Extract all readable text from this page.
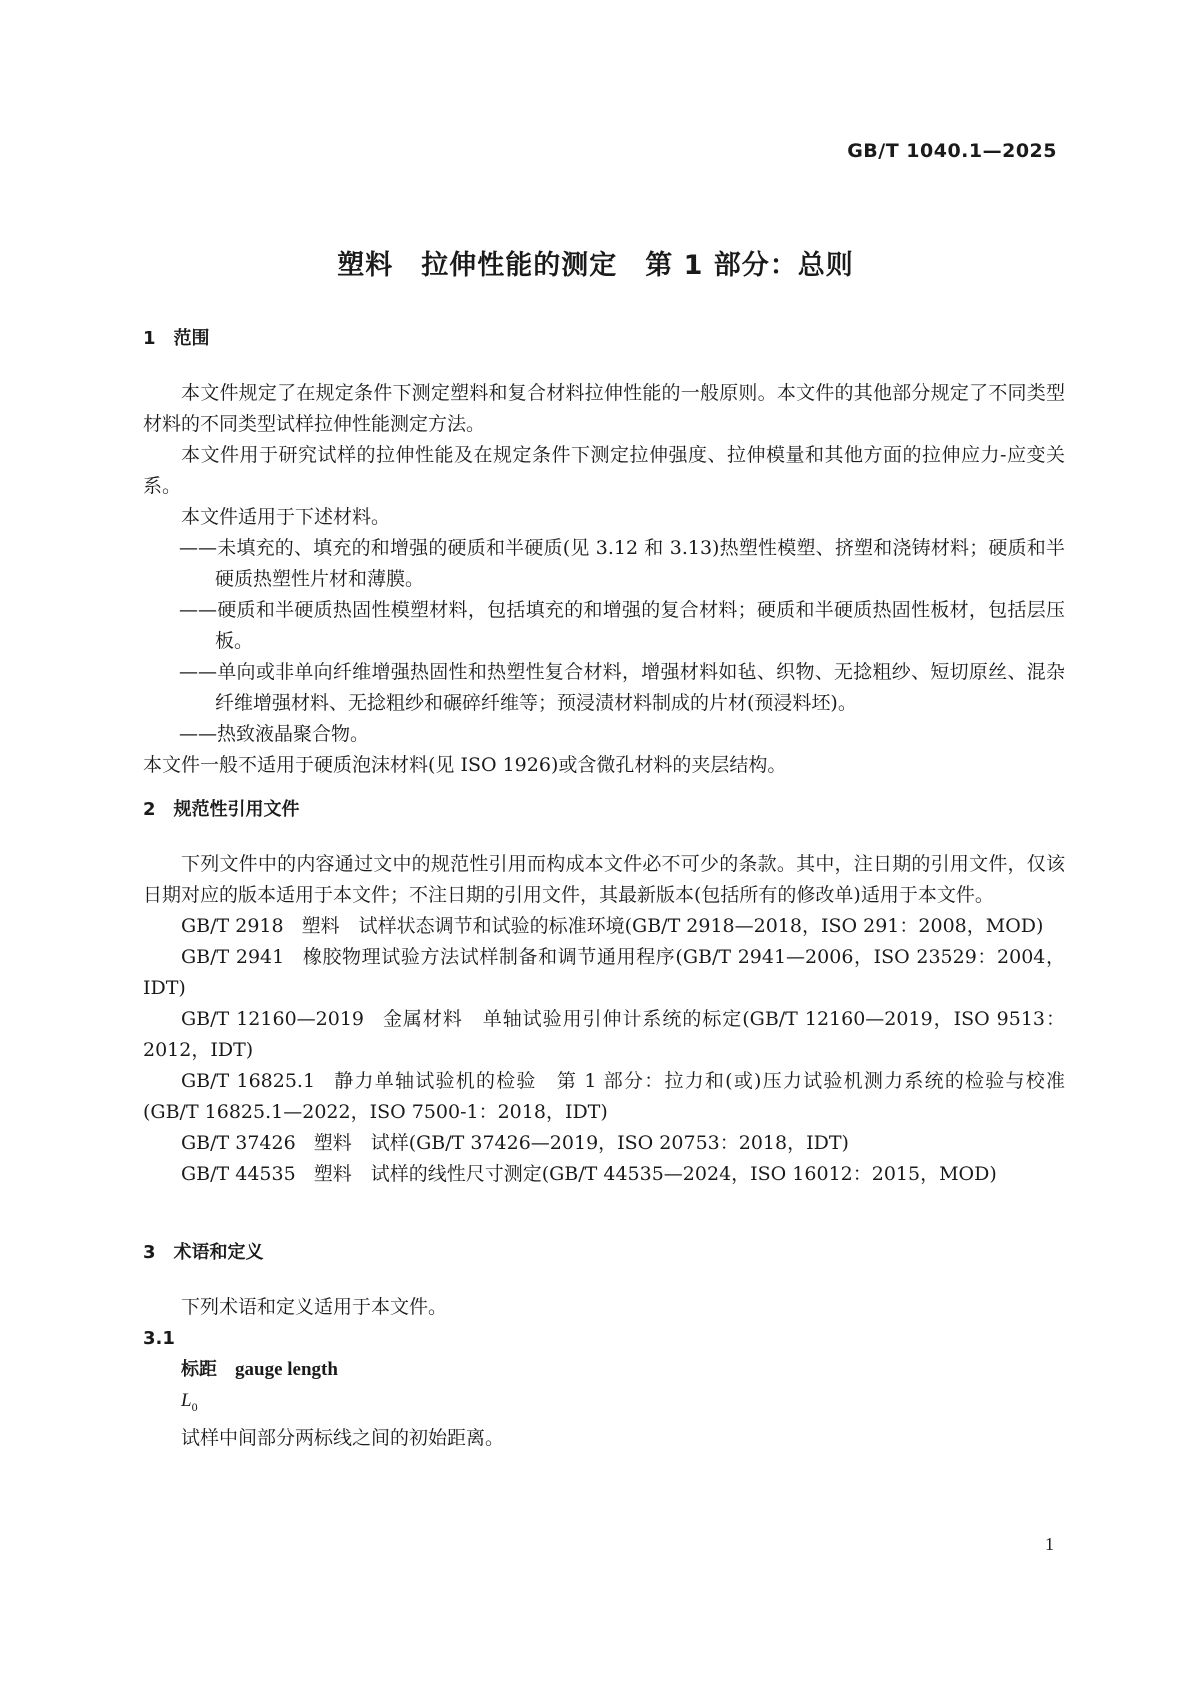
GB/T 1040.1—2025
塑料　拉伸性能的测定　第 1 部分：总则
1　范围

本文件规定了在规定条件下测定塑料和复合材料拉伸性能的一般原则。本文件的其他部分规定了不同类型材料的不同类型试样拉伸性能测定方法。

本文件用于研究试样的拉伸性能及在规定条件下测定拉伸强度、拉伸模量和其他方面的拉伸应力-应变关系。

本文件适用于下述材料。

——未填充的、填充的和增强的硬质和半硬质(见 3.12 和 3.13)热塑性模塑、挤塑和浇铸材料；硬质和半硬质热塑性片材和薄膜。

——硬质和半硬质热固性模塑材料，包括填充的和增强的复合材料；硬质和半硬质热固性板材，包括层压板。

——单向或非单向纤维增强热固性和热塑性复合材料，增强材料如毡、织物、无捻粗纱、短切原丝、混杂纤维增强材料、无捻粗纱和碾碎纤维等；预浸渍材料制成的片材(预浸料坯)。

——热致液晶聚合物。

本文件一般不适用于硬质泡沫材料(见 ISO 1926)或含微孔材料的夹层结构。

2　规范性引用文件

下列文件中的内容通过文中的规范性引用而构成本文件必不可少的条款。其中，注日期的引用文件，仅该日期对应的版本适用于本文件；不注日期的引用文件，其最新版本(包括所有的修改单)适用于本文件。

GB/T 2918 塑料　试样状态调节和试验的标准环境(GB/T 2918—2018，ISO 291：2008，MOD)

GB/T 2941 橡胶物理试验方法试样制备和调节通用程序(GB/T 2941—2006，ISO 23529：2004，IDT)

GB/T 12160—2019 金属材料　单轴试验用引伸计系统的标定(GB/T 12160—2019，ISO 9513：2012，IDT)

GB/T 16825.1 静力单轴试验机的检验　第 1 部分：拉力和(或)压力试验机测力系统的检验与校准(GB/T 16825.1—2022，ISO 7500-1：2018，IDT)

GB/T 37426 塑料　试样(GB/T 37426—2019，ISO 20753：2018，IDT)

GB/T 44535 塑料　试样的线性尺寸测定(GB/T 44535—2024，ISO 16012：2015，MOD)

3　术语和定义

下列术语和定义适用于本文件。

3.1

标距 gauge length

$L_0$

试样中间部分两标线之间的初始距离。

1
